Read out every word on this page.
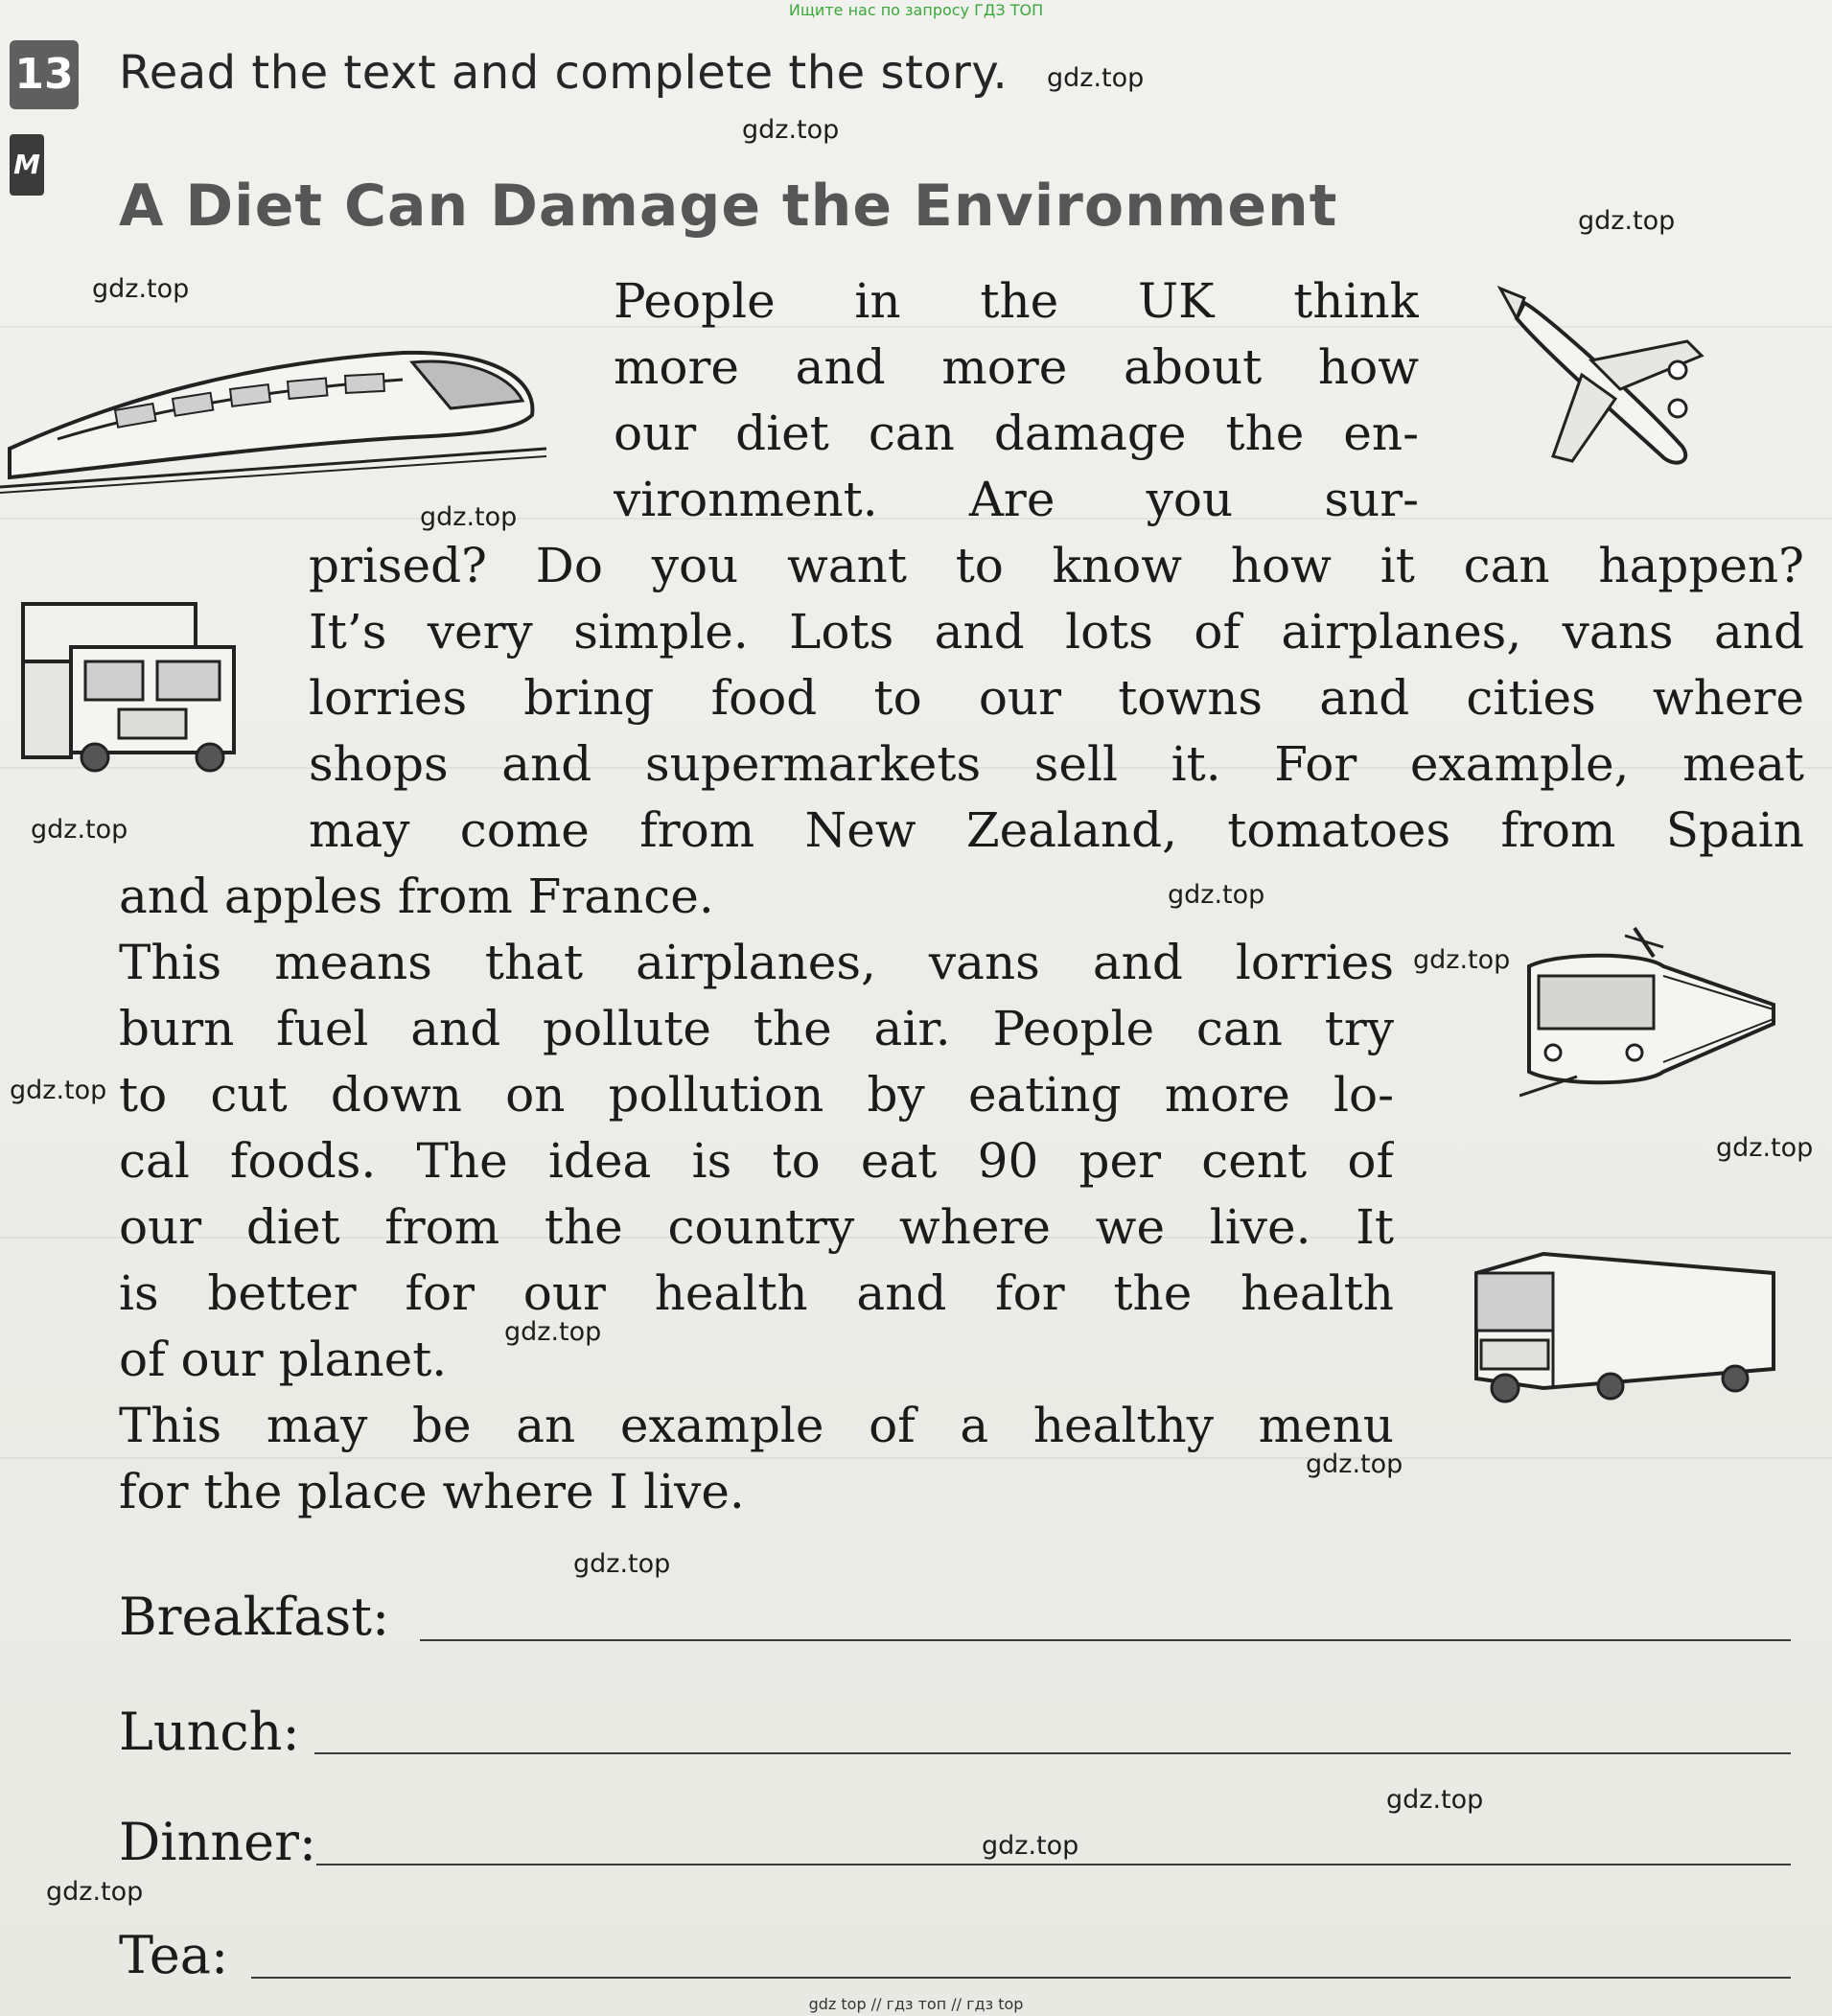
Ищите нас по запросу ГДЗ ТОП
13
M
Read the text and complete the story.
A Diet Can Damage the Environment
People in the UK think
more and more about how
our diet can damage the en-
vironment. Are you sur-
prised? Do you want to know how it can happen?
It’s very simple. Lots and lots of airplanes, vans and
lorries bring food to our towns and cities where
shops and supermarkets sell it. For example, meat
may come from New Zealand, tomatoes from Spain
and apples from France.
This means that airplanes, vans and lorries
burn fuel and pollute the air. People can try
to cut down on pollution by eating more lo-
cal foods. The idea is to eat 90 per cent of
our diet from the country where we live. It
is better for our health and for the health
of our planet.
This may be an example of a healthy menu
for the place where I live.
Breakfast:
Lunch:
Dinner:
Tea:
gdz.top
gdz.top
gdz.top
gdz.top
gdz.top
gdz.top
gdz.top
gdz.top
gdz.top
gdz.top
gdz.top
gdz.top
gdz.top
gdz.top
gdz.top
gdz.top
gdz top // гдз топ // гдз top
